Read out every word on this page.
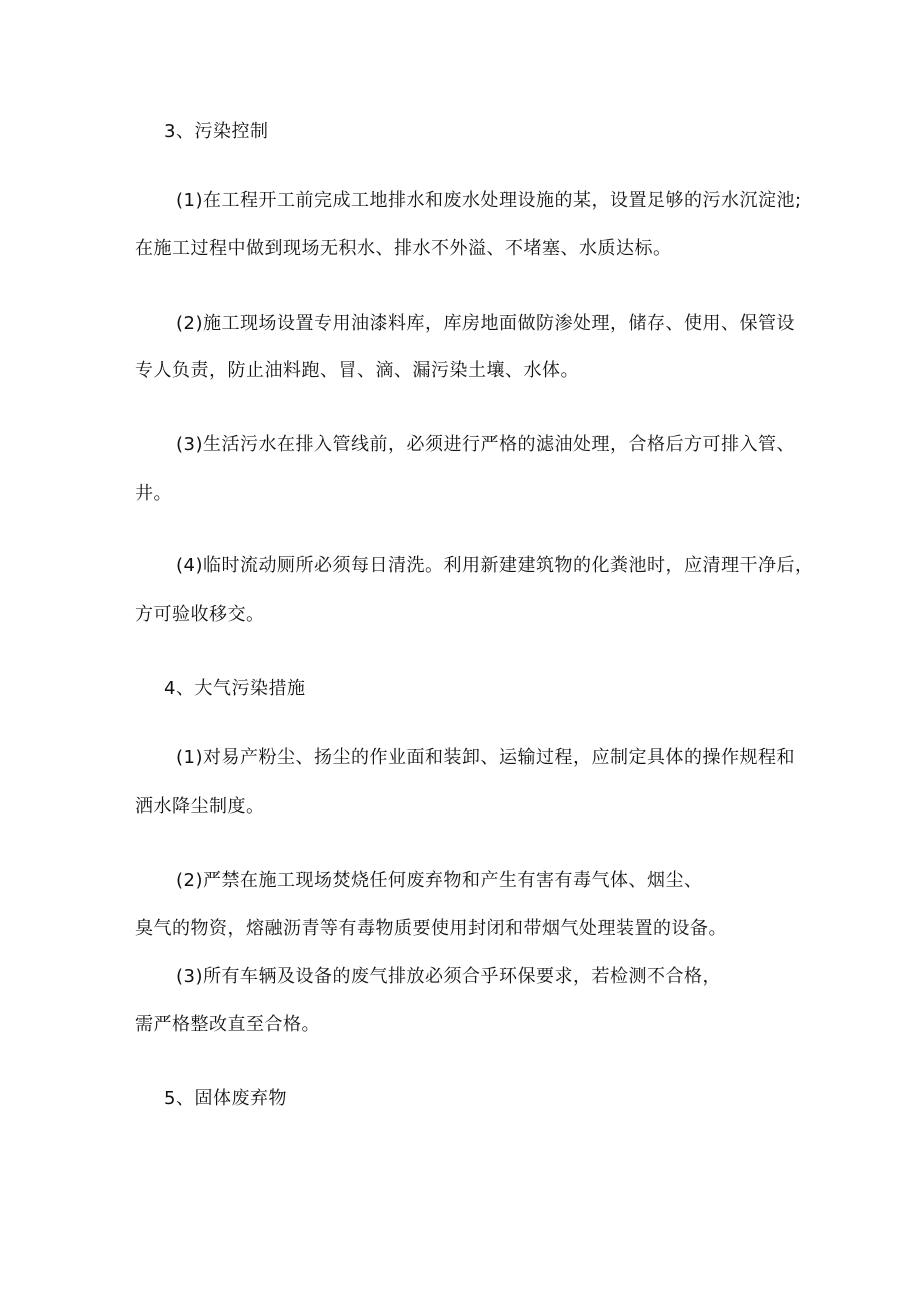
3、污染控制
(1)在工程开工前完成工地排水和废水处理设施的某，设置足够的污水沉淀池;
在施工过程中做到现场无积水、排水不外溢、不堵塞、水质达标。
(2)施工现场设置专用油漆料库，库房地面做防渗处理，储存、使用、保管设
专人负责，防止油料跑、冒、滴、漏污染土壤、水体。
(3)生活污水在排入管线前，必须进行严格的滤油处理，合格后方可排入管、
井。
(4)临时流动厕所必须每日清洗。利用新建建筑物的化粪池时，应清理干净后，
方可验收移交。
4、大气污染措施
(1)对易产粉尘、扬尘的作业面和装卸、运输过程，应制定具体的操作规程和
洒水降尘制度。
(2)严禁在施工现场焚烧任何废弃物和产生有害有毒气体、烟尘、
臭气的物资，熔融沥青等有毒物质要使用封闭和带烟气处理装置的设备。
(3)所有车辆及设备的废气排放必须合乎环保要求，若检测不合格，
需严格整改直至合格。
5、固体废弃物
